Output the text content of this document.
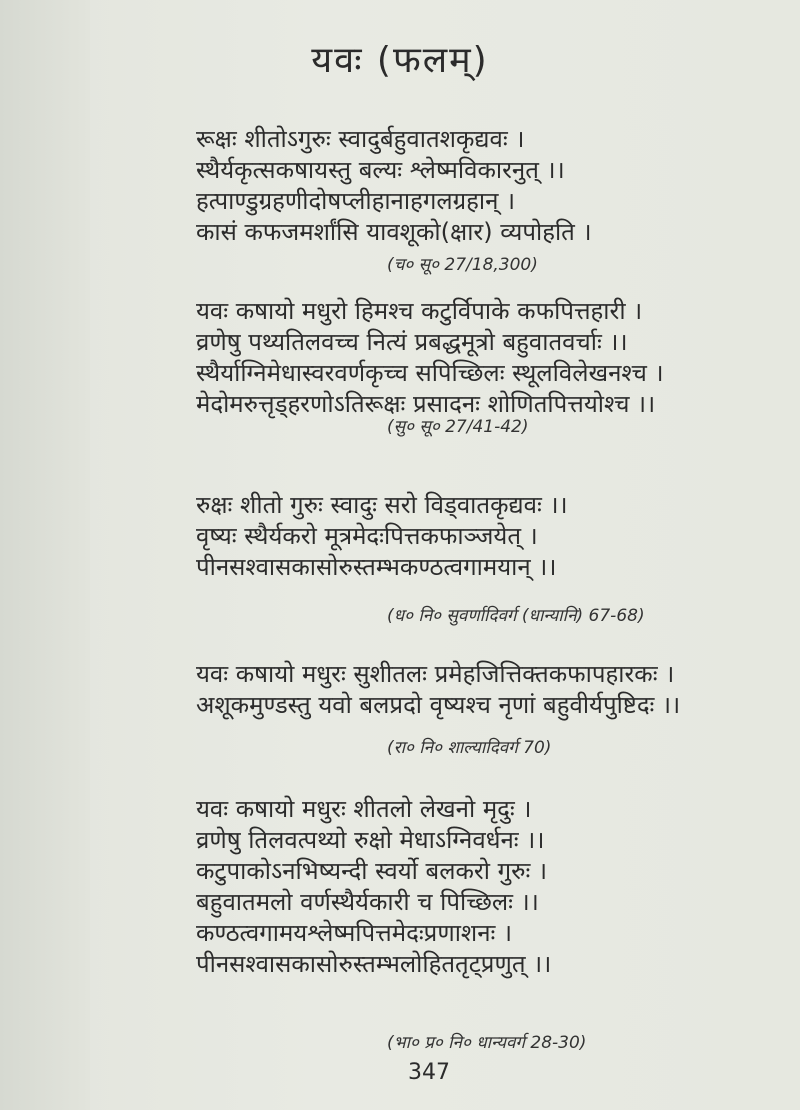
यवः (फलम्)
रूक्षः शीतोऽगुरुः स्वादुर्बहुवातशकृद्यवः ।
स्थैर्यकृत्सकषायस्तु बल्यः श्लेष्मविकारनुत् ।।
हत्पाण्डुग्रहणीदोषप्लीहानाहगलग्रहान् ।
कासं कफजमर्शांसि यावशूको(क्षार) व्यपोहति ।
(च० सू० 27/18,300)
यवः कषायो मधुरो हिमश्च कटुर्विपाके कफपित्तहारी ।
व्रणेषु पथ्यतिलवच्च नित्यं प्रबद्धमूत्रो बहुवातवर्चाः ।।
स्थैर्याग्निमेधास्वरवर्णकृच्च सपिच्छिलः स्थूलविलेखनश्च ।
मेदोमरुत्तृड्हरणोऽतिरूक्षः प्रसादनः शोणितपित्तयोश्च ।।
(सु० सू० 27/41-42)
रुक्षः शीतो गुरुः स्वादुः सरो विड्वातकृद्यवः ।।
वृष्यः स्थैर्यकरो मूत्रमेदःपित्तकफाञ्जयेत् ।
पीनसश्वासकासोरुस्तम्भकण्ठत्वगामयान् ।।
(ध० नि० सुवर्णादिवर्ग (धान्यानि) 67-68)
यवः कषायो मधुरः सुशीतलः प्रमेहजित्तिक्तकफापहारकः ।
अशूकमुण्डस्तु यवो बलप्रदो वृष्यश्च नृणां बहुवीर्यपुष्टिदः ।।
(रा० नि० शाल्यादिवर्ग 70)
यवः कषायो मधुरः शीतलो लेखनो मृदुः ।
व्रणेषु तिलवत्पथ्यो रुक्षो मेधाऽग्निवर्धनः ।।
कटुपाकोऽनभिष्यन्दी स्वर्यो बलकरो गुरुः ।
बहुवातमलो वर्णस्थैर्यकारी च पिच्छिलः ।।
कण्ठत्वगामयश्लेष्मपित्तमेदःप्रणाशनः ।
पीनसश्वासकासोरुस्तम्भलोहिततृट्प्रणुत् ।।
(भा० प्र० नि० धान्यवर्ग 28-30)
347
